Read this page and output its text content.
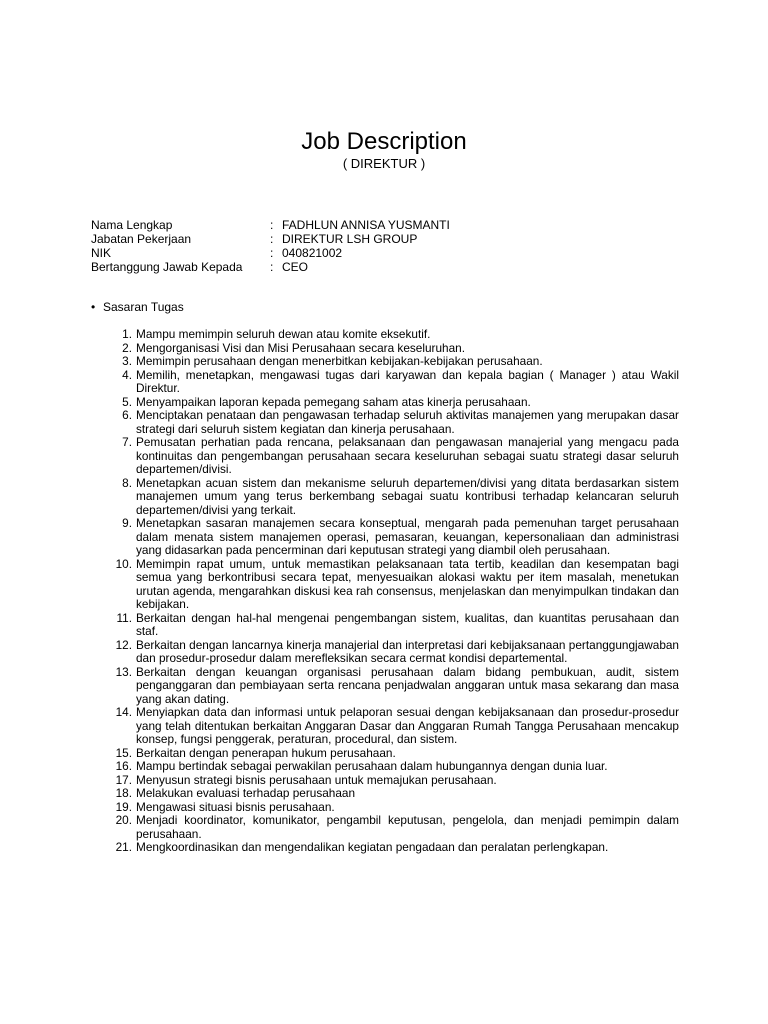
Job Description
( DIREKTUR )
Nama Lengkap	: FADHLUN ANNISA YUSMANTI
Jabatan Pekerjaan	: DIREKTUR LSH GROUP
NIK	: 040821002
Bertanggung Jawab Kepada : CEO
• Sasaran Tugas
1. Mampu memimpin seluruh dewan atau komite eksekutif.
2. Mengorganisasi Visi dan Misi Perusahaan secara keseluruhan.
3. Memimpin perusahaan dengan menerbitkan kebijakan-kebijakan perusahaan.
4. Memilih, menetapkan, mengawasi tugas dari karyawan dan kepala bagian ( Manager ) atau Wakil Direktur.
5. Menyampaikan laporan kepada pemegang saham atas kinerja perusahaan.
6. Menciptakan penataan dan pengawasan terhadap seluruh aktivitas manajemen yang merupakan dasar strategi dari seluruh sistem kegiatan dan kinerja perusahaan.
7. Pemusatan perhatian pada rencana, pelaksanaan dan pengawasan manajerial yang mengacu pada kontinuitas dan pengembangan perusahaan secara keseluruhan sebagai suatu strategi dasar seluruh departemen/divisi.
8. Menetapkan acuan sistem dan mekanisme seluruh departemen/divisi yang ditata berdasarkan sistem manajemen umum yang terus berkembang sebagai suatu kontribusi terhadap kelancaran seluruh departemen/divisi yang terkait.
9. Menetapkan sasaran manajemen secara konseptual, mengarah pada pemenuhan target perusahaan dalam menata sistem manajemen operasi, pemasaran, keuangan, kepersonaliaan dan administrasi yang didasarkan pada pencerminan dari keputusan strategi yang diambil oleh perusahaan.
10. Memimpin rapat umum, untuk memastikan pelaksanaan tata tertib, keadilan dan kesempatan bagi semua yang berkontribusi secara tepat, menyesuaikan alokasi waktu per item masalah, menetukan urutan agenda, mengarahkan diskusi kea rah consensus, menjelaskan dan menyimpulkan tindakan dan kebijakan.
11. Berkaitan dengan hal-hal mengenai pengembangan sistem, kualitas, dan kuantitas perusahaan dan staf.
12. Berkaitan dengan lancarnya kinerja manajerial dan interpretasi dari kebijaksanaan pertanggungjawaban dan prosedur-prosedur dalam merefleksikan secara cermat kondisi departemental.
13. Berkaitan dengan keuangan organisasi perusahaan dalam bidang pembukuan, audit, sistem penganggaran dan pembiayaan serta rencana penjadwalan anggaran untuk masa sekarang dan masa yang akan dating.
14. Menyiapkan data dan informasi untuk pelaporan sesuai dengan kebijaksanaan dan prosedur-prosedur yang telah ditentukan berkaitan Anggaran Dasar dan Anggaran Rumah Tangga Perusahaan mencakup konsep, fungsi penggerak, peraturan, procedural, dan sistem.
15. Berkaitan dengan penerapan hukum perusahaan.
16. Mampu bertindak sebagai perwakilan perusahaan dalam hubungannya dengan dunia luar.
17. Menyusun strategi bisnis perusahaan untuk memajukan perusahaan.
18. Melakukan evaluasi terhadap perusahaan
19. Mengawasi situasi bisnis perusahaan.
20. Menjadi koordinator, komunikator, pengambil keputusan, pengelola, dan menjadi pemimpin dalam perusahaan.
21. Mengkoordinasikan dan mengendalikan kegiatan pengadaan dan peralatan perlengkapan.
